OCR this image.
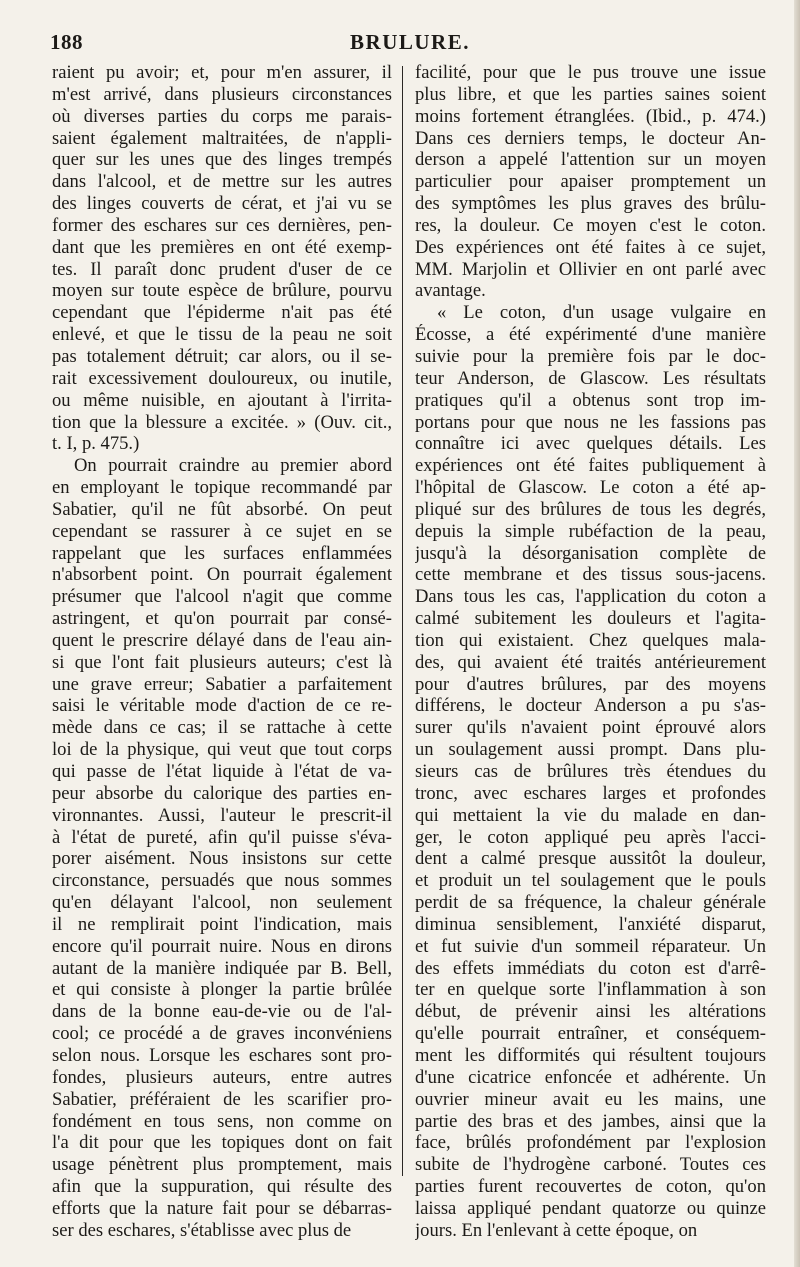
188	BRULURE.
raient pu avoir; et, pour m'en assurer, il
m'est arrivé, dans plusieurs circonstances
où diverses parties du corps me parais-
saient également maltraitées, de n'appli-
quer sur les unes que des linges trempés
dans l'alcool, et de mettre sur les autres
des linges couverts de cérat, et j'ai vu se
former des eschares sur ces dernières, pen-
dant que les premières en ont été exemp-
tes. Il paraît donc prudent d'user de ce
moyen sur toute espèce de brûlure, pourvu
cependant que l'épiderme n'ait pas été
enlevé, et que le tissu de la peau ne soit
pas totalement détruit; car alors, ou il se-
rait excessivement douloureux, ou inutile,
ou même nuisible, en ajoutant à l'irrita-
tion que la blessure a excitée. » (Ouv. cit.,
t. I, p. 475.)
On pourrait craindre au premier abord
en employant le topique recommandé par
Sabatier, qu'il ne fût absorbé. On peut
cependant se rassurer à ce sujet en se
rappelant que les surfaces enflammées
n'absorbent point. On pourrait également
présumer que l'alcool n'agit que comme
astringent, et qu'on pourrait par consé-
quent le prescrire délayé dans de l'eau ain-
si que l'ont fait plusieurs auteurs; c'est là
une grave erreur; Sabatier a parfaitement
saisi le véritable mode d'action de ce re-
mède dans ce cas; il se rattache à cette
loi de la physique, qui veut que tout corps
qui passe de l'état liquide à l'état de va-
peur absorbe du calorique des parties en-
vironnantes. Aussi, l'auteur le prescrit-il
à l'état de pureté, afin qu'il puisse s'éva-
porer aisément. Nous insistons sur cette
circonstance, persuadés que nous sommes
qu'en délayant l'alcool, non seulement
il ne remplirait point l'indication, mais
encore qu'il pourrait nuire. Nous en dirons
autant de la manière indiquée par B. Bell,
et qui consiste à plonger la partie brûlée
dans de la bonne eau-de-vie ou de l'al-
cool; ce procédé a de graves inconvéniens
selon nous. Lorsque les eschares sont pro-
fondes, plusieurs auteurs, entre autres
Sabatier, préféraient de les scarifier pro-
fondément en tous sens, non comme on
l'a dit pour que les topiques dont on fait
usage pénètrent plus promptement, mais
afin que la suppuration, qui résulte des
efforts que la nature fait pour se débarras-
ser des eschares, s'établisse avec plus de
facilité, pour que le pus trouve une issue
plus libre, et que les parties saines soient
moins fortement étranglées. (Ibid., p. 474.)
Dans ces derniers temps, le docteur An-
derson a appelé l'attention sur un moyen
particulier pour apaiser promptement un
des symptômes les plus graves des brûlu-
res, la douleur. Ce moyen c'est le coton.
Des expériences ont été faites à ce sujet,
MM. Marjolin et Ollivier en ont parlé avec
avantage.
« Le coton, d'un usage vulgaire en
Écosse, a été expérimenté d'une manière
suivie pour la première fois par le doc-
teur Anderson, de Glascow. Les résultats
pratiques qu'il a obtenus sont trop im-
portans pour que nous ne les fassions pas
connaître ici avec quelques détails. Les
expériences ont été faites publiquement à
l'hôpital de Glascow. Le coton a été ap-
pliqué sur des brûlures de tous les degrés,
depuis la simple rubéfaction de la peau,
jusqu'à la désorganisation complète de
cette membrane et des tissus sous-jacens.
Dans tous les cas, l'application du coton a
calmé subitement les douleurs et l'agita-
tion qui existaient. Chez quelques mala-
des, qui avaient été traités antérieurement
pour d'autres brûlures, par des moyens
différens, le docteur Anderson a pu s'as-
surer qu'ils n'avaient point éprouvé alors
un soulagement aussi prompt. Dans plu-
sieurs cas de brûlures très étendues du
tronc, avec eschares larges et profondes
qui mettaient la vie du malade en dan-
ger, le coton appliqué peu après l'acci-
dent a calmé presque aussitôt la douleur,
et produit un tel soulagement que le pouls
perdit de sa fréquence, la chaleur générale
diminua sensiblement, l'anxiété disparut,
et fut suivie d'un sommeil réparateur. Un
des effets immédiats du coton est d'arrê-
ter en quelque sorte l'inflammation à son
début, de prévenir ainsi les altérations
qu'elle pourrait entraîner, et conséquem-
ment les difformités qui résultent toujours
d'une cicatrice enfoncée et adhérente. Un
ouvrier mineur avait eu les mains, une
partie des bras et des jambes, ainsi que la
face, brûlés profondément par l'explosion
subite de l'hydrogène carboné. Toutes ces
parties furent recouvertes de coton, qu'on
laissa appliqué pendant quatorze ou quinze
jours. En l'enlevant à cette époque, on
